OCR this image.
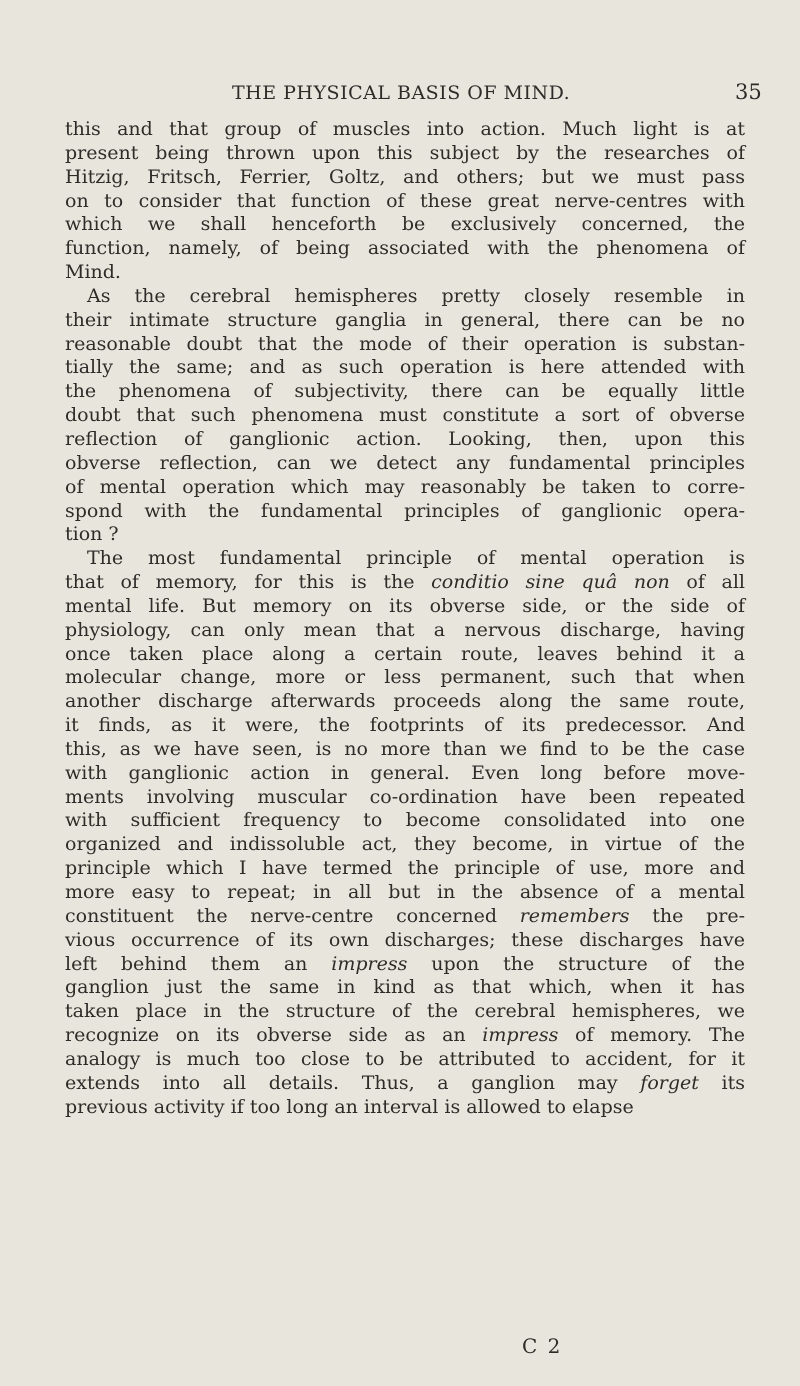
THE PHYSICAL BASIS OF MIND.	35
this and that group of muscles into action. Much light is at
present being thrown upon this subject by the researches of
Hitzig, Fritsch, Ferrier, Goltz, and others; but we must pass
on to consider that function of these great nerve-centres with
which we shall henceforth be exclusively concerned, the
function, namely, of being associated with the phenomena of
Mind.
As the cerebral hemispheres pretty closely resemble in
their intimate structure ganglia in general, there can be no
reasonable doubt that the mode of their operation is substan-
tially the same; and as such operation is here attended with
the phenomena of subjectivity, there can be equally little
doubt that such phenomena must constitute a sort of obverse
reflection of ganglionic action. Looking, then, upon this
obverse reflection, can we detect any fundamental principles
of mental operation which may reasonably be taken to corre-
spond with the fundamental principles of ganglionic opera-
tion ?
The most fundamental principle of mental operation is
that of memory, for this is the conditio sine quâ non of all
mental life. But memory on its obverse side, or the side of
physiology, can only mean that a nervous discharge, having
once taken place along a certain route, leaves behind it a
molecular change, more or less permanent, such that when
another discharge afterwards proceeds along the same route,
it finds, as it were, the footprints of its predecessor. And
this, as we have seen, is no more than we find to be the case
with ganglionic action in general. Even long before move-
ments involving muscular co-ordination have been repeated
with sufficient frequency to become consolidated into one
organized and indissoluble act, they become, in virtue of the
principle which I have termed the principle of use, more and
more easy to repeat; in all but in the absence of a mental
constituent the nerve-centre concerned remembers the pre-
vious occurrence of its own discharges; these discharges have
left behind them an impress upon the structure of the
ganglion just the same in kind as that which, when it has
taken place in the structure of the cerebral hemispheres, we
recognize on its obverse side as an impress of memory. The
analogy is much too close to be attributed to accident, for it
extends into all details. Thus, a ganglion may forget its
previous activity if too long an interval is allowed to elapse
C 2
